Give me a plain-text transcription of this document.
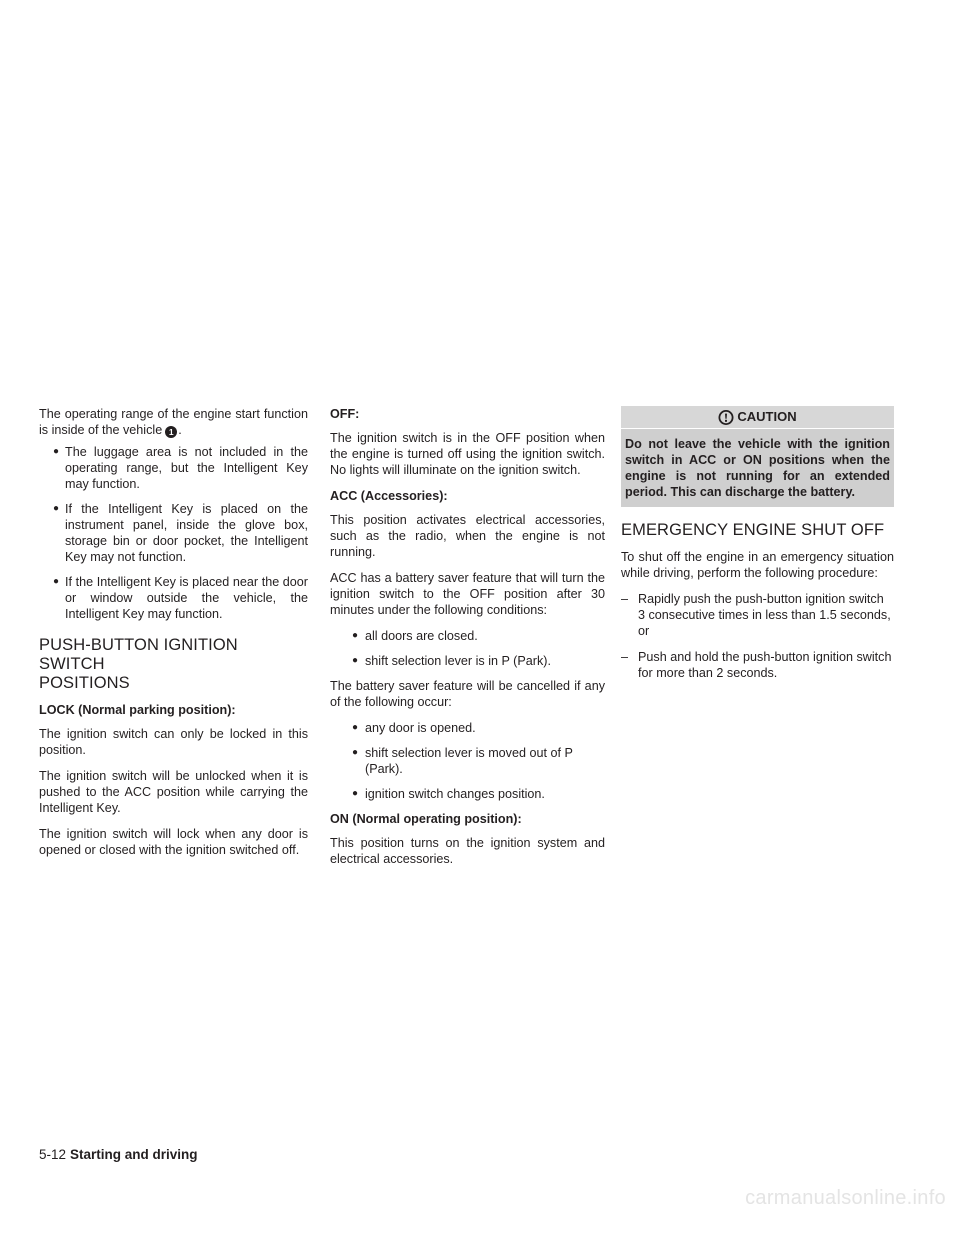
The operating range of the engine start function is inside of the vehicle 1 .

● The luggage area is not included in the operating range, but the Intelligent Key may function.
● If the Intelligent Key is placed on the instrument panel, inside the glove box, storage bin or door pocket, the Intelligent Key may not function.
● If the Intelligent Key is placed near the door or window outside the vehicle, the Intelligent Key may function.
PUSH-BUTTON IGNITION SWITCH
POSITIONS
LOCK (Normal parking position):

The ignition switch can only be locked in this position.

The ignition switch will be unlocked when it is pushed to the ACC position while carrying the Intelligent Key.

The ignition switch will lock when any door is opened or closed with the ignition switched off.

OFF:

The ignition switch is in the OFF position when the engine is turned off using the ignition switch. No lights will illuminate on the ignition switch.

ACC (Accessories):

This position activates electrical accessories, such as the radio, when the engine is not running.

ACC has a battery saver feature that will turn the ignition switch to the OFF position after 30 minutes under the following conditions:

● all doors are closed.
● shift selection lever is in P (Park).

The battery saver feature will be cancelled if any of the following occur:

● any door is opened.
● shift selection lever is moved out of P (Park).
● ignition switch changes position.
ON (Normal operating position):

This position turns on the ignition system and electrical accessories.

CAUTION
Do not leave the vehicle with the ignition switch in ACC or ON positions when the engine is not running for an extended period. This can discharge the battery.
EMERGENCY ENGINE SHUT OFF

To shut off the engine in an emergency situation while driving, perform the following procedure:

– Rapidly push the push-button ignition switch 3 consecutive times in less than 1.5 seconds, or
– Push and hold the push-button ignition switch for more than 2 seconds.
5-12 Starting and driving
carmanualsonline.info
